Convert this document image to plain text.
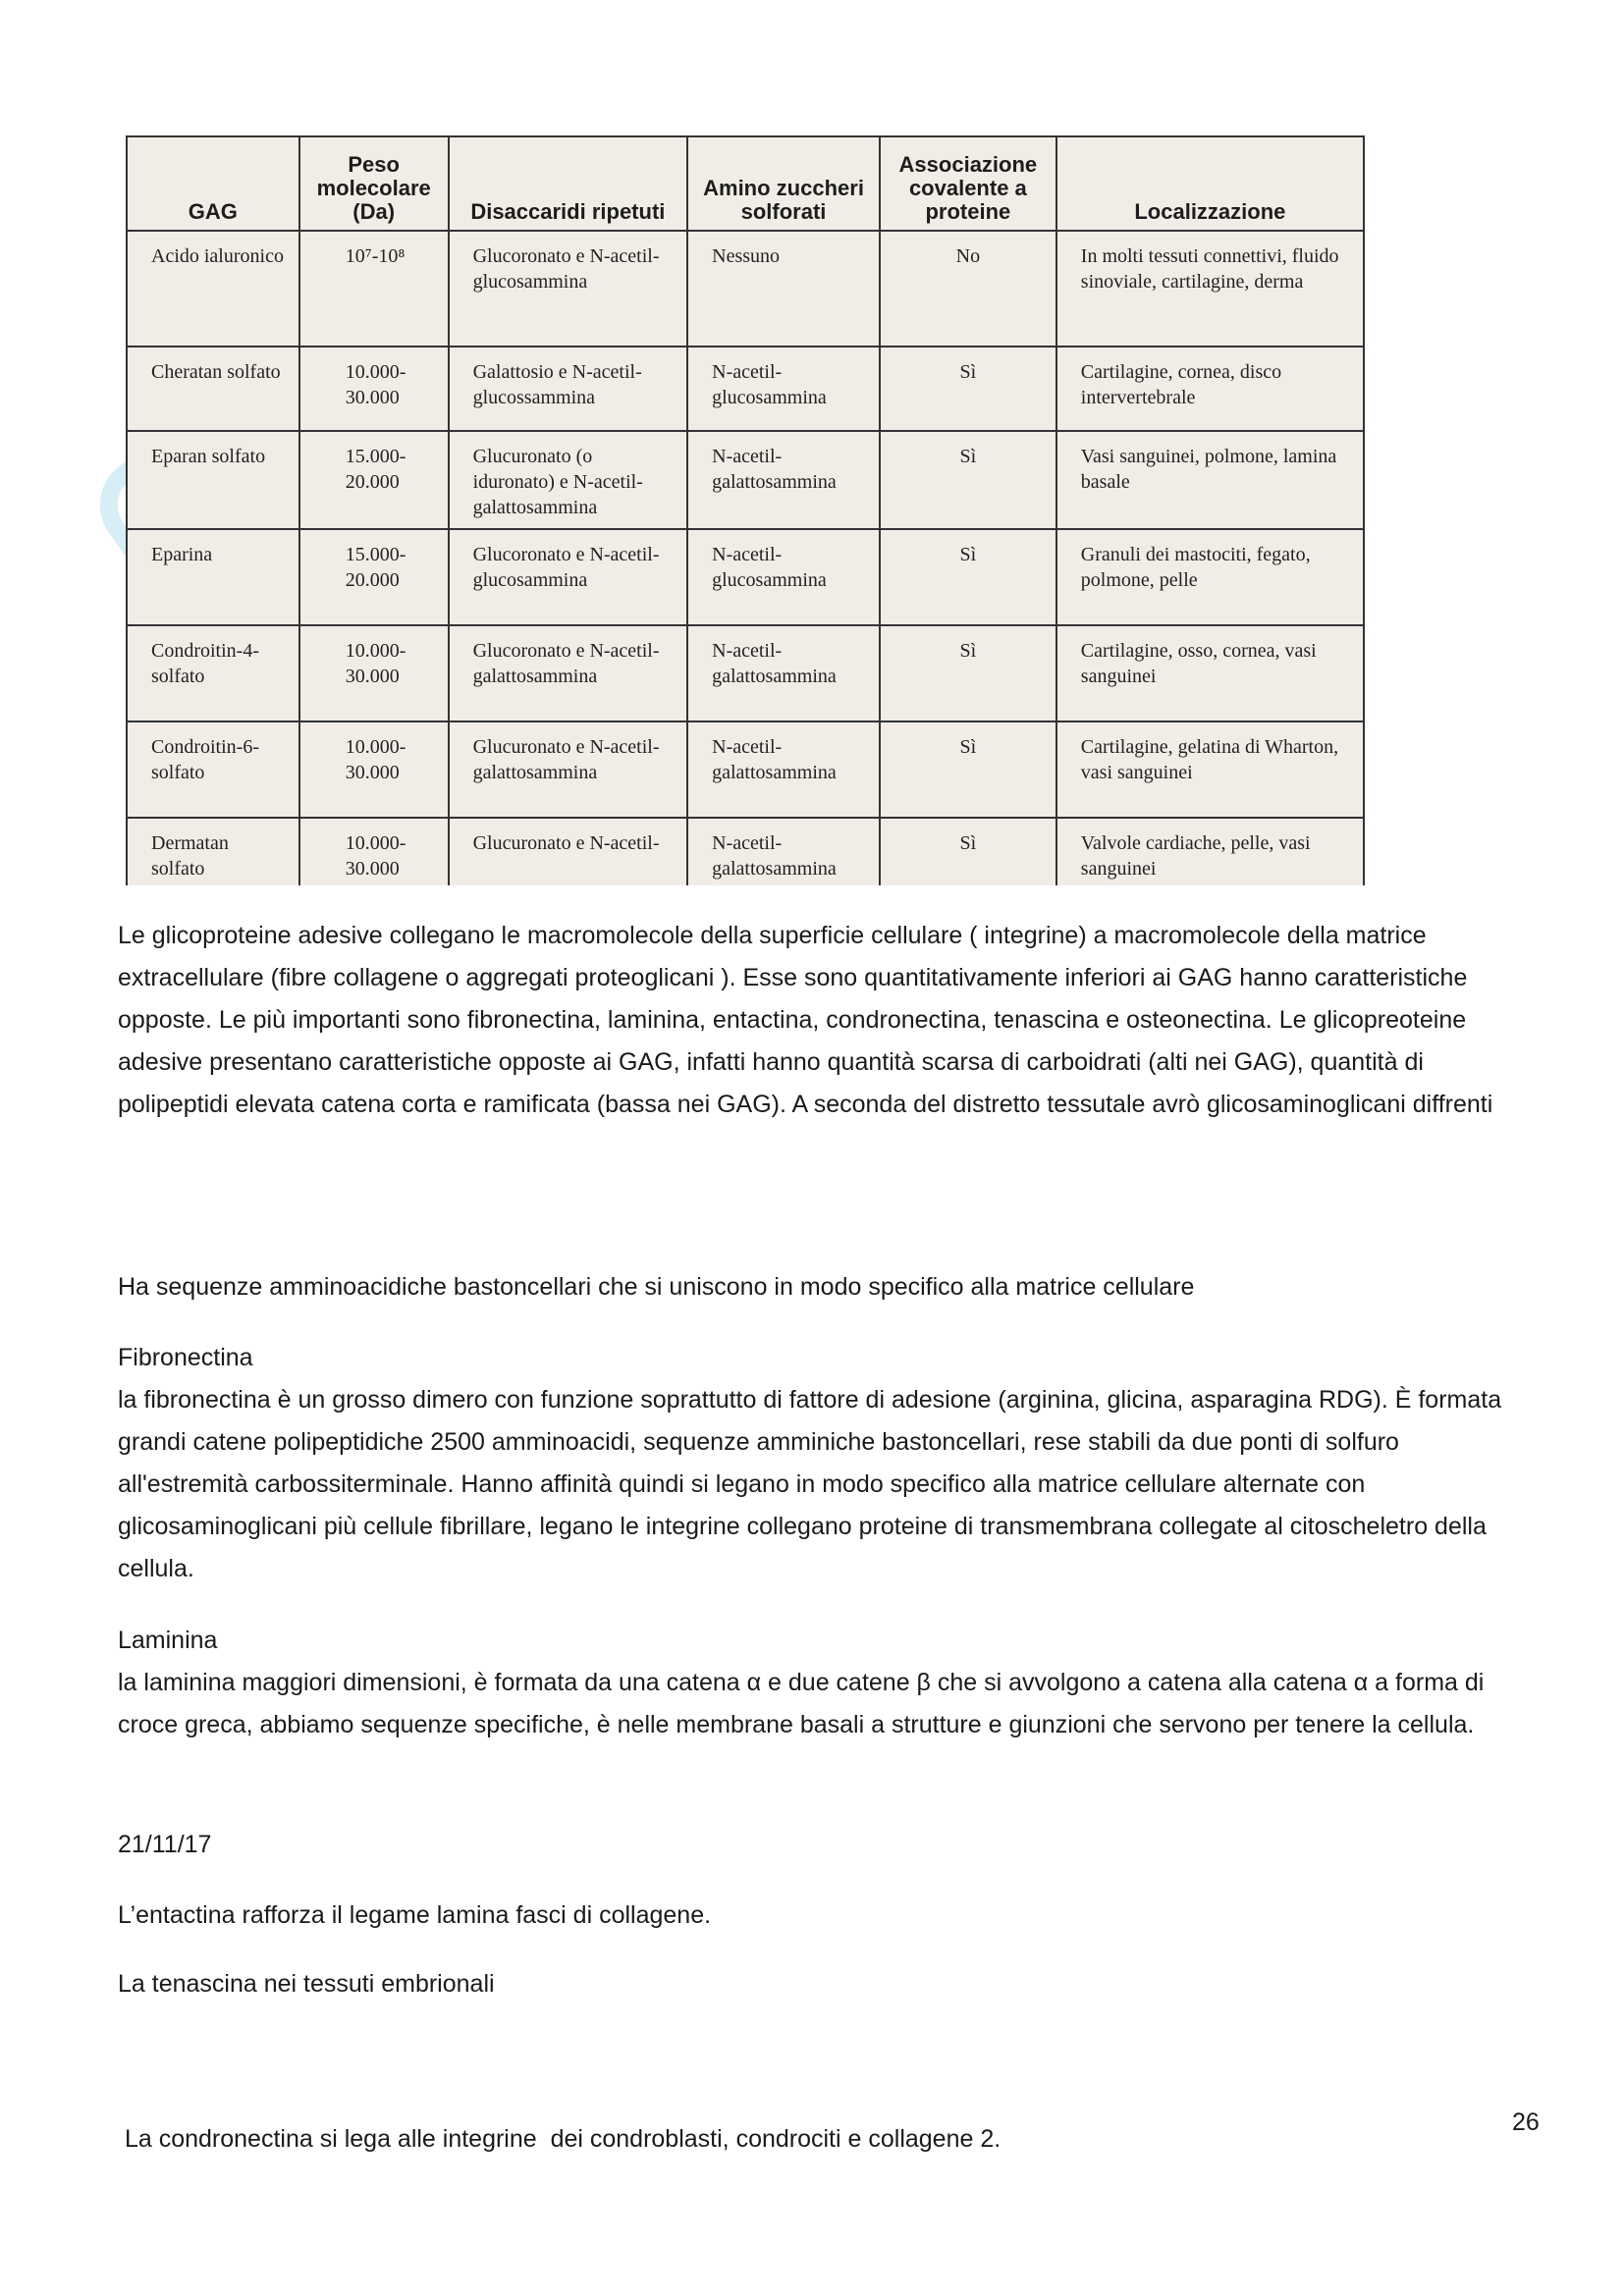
GAG	Peso molecolare (Da)	Disaccaridi ripetuti	Amino zuccheri solforati	Associazione covalente a proteine	Localizzazione
Acido ialuronico	10⁷-10⁸	Glucoronato e N-acetil-glucosammina	Nessuno	No	In molti tessuti connettivi, fluido sinoviale, cartilagine, derma
Cheratan solfato	10.000-30.000	Galattosio e N-acetil-glucossammina	N-acetil-glucosammina	Sì	Cartilagine, cornea, disco intervertebrale
Eparan solfato	15.000-20.000	Glucuronato (o iduronato) e N-acetil-galattosammina	N-acetil-galattosammina	Sì	Vasi sanguinei, polmone, lamina basale
Eparina	15.000-20.000	Glucoronato e N-acetil-glucosammina	N-acetil-glucosammina	Sì	Granuli dei mastociti, fegato, polmone, pelle
Condroitin-4-solfato	10.000-30.000	Glucoronato e N-acetil-galattosammina	N-acetil-galattosammina	Sì	Cartilagine, osso, cornea, vasi sanguinei
Condroitin-6-solfato	10.000-30.000	Glucuronato e N-acetil-galattosammina	N-acetil-galattosammina	Sì	Cartilagine, gelatina di Wharton, vasi sanguinei
Dermatan solfato	10.000-30.000	Glucuronato e N-acetil-	N-acetil-galattosammina	Sì	Valvole cardiache, pelle, vasi sanguinei

Le glicoproteine adesive collegano le macromolecole della superficie cellulare ( integrine) a macromolecole della matrice extracellulare (fibre collagene o aggregati proteoglicani ). Esse sono quantitativamente inferiori ai GAG hanno caratteristiche opposte. Le più importanti sono fibronectina, laminina, entactina, condronectina, tenascina e osteonectina. Le glicopreoteine adesive presentano caratteristiche opposte ai GAG, infatti hanno quantità scarsa di carboidrati (alti nei GAG), quantità di polipeptidi elevata catena corta e ramificata (bassa nei GAG). A seconda del distretto tessutale avrò glicosaminoglicani diffrenti

Ha sequenze amminoacidiche bastoncellari che si uniscono in modo specifico alla matrice cellulare

Fibronectina

la fibronectina è un grosso dimero con funzione soprattutto di fattore di adesione (arginina, glicina, asparagina RDG). È formata grandi catene polipeptidiche 2500 amminoacidi, sequenze amminiche bastoncellari, rese stabili da due ponti di solfuro all'estremità carbossiterminale. Hanno affinità quindi si legano in modo specifico alla matrice cellulare alternate con glicosaminoglicani più cellule fibrillare, legano le integrine collegano proteine di transmembrana collegate al citoscheletro della cellula.

Laminina

la laminina maggiori dimensioni, è formata da una catena α e due catene β che si avvolgono a catena alla catena α a forma di croce greca, abbiamo sequenze specifiche, è nelle membrane basali a strutture e giunzioni che servono per tenere la cellula.

21/11/17

L’entactina rafforza il legame lamina fasci di collagene.

La tenascina nei tessuti embrionali

La condronectina si lega alle integrine  dei condroblasti, condrociti e collagene 2.

26
